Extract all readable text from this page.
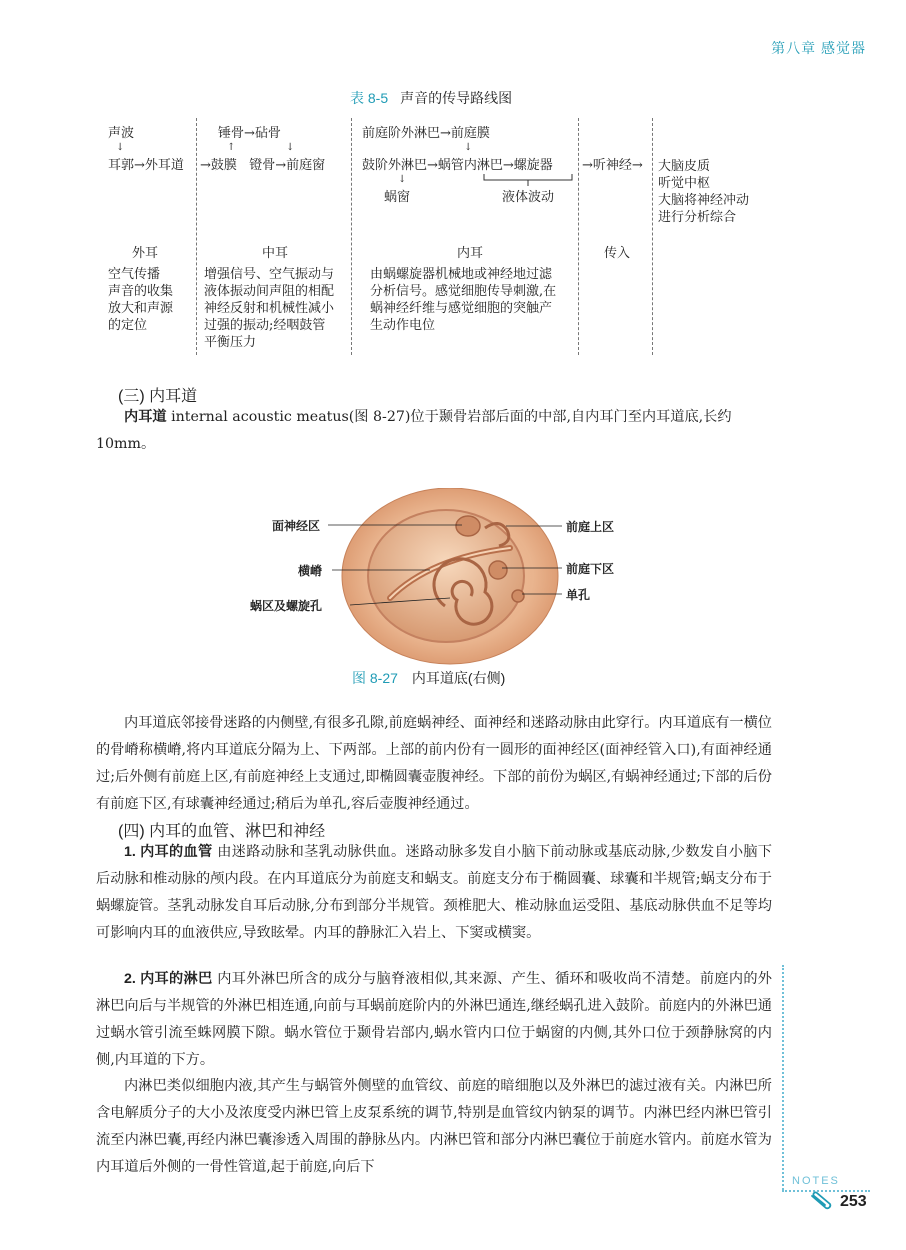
第八章 感觉器
表 8-5 声音的传导路线图
声波
↓
耳郭→外耳道
外耳
空气传播
声音的收集
放大和声源
的定位
锤骨→砧骨
↑	↓
→鼓膜   镫骨→前庭窗
中耳
增强信号、空气振动与
液体振动间声阻的相配
神经反射和机械性减小
过强的振动;经咽鼓管
平衡压力
前庭阶外淋巴→前庭膜
↓
鼓阶外淋巴→蜗管内淋巴→螺旋器
↓
蜗窗	液体波动
内耳
由蜗螺旋器机械地或神经地过滤
分析信号。感觉细胞传导刺激,在
蜗神经纤维与感觉细胞的突触产
生动作电位
→听神经→
传入
大脑皮质
听觉中枢
大脑将神经冲动
进行分析综合
(三) 内耳道
内耳道 internal acoustic meatus(图 8-27)位于颞骨岩部后面的中部,自内耳门至内耳道底,长约
10mm。
面神经区
横嵴
蜗区及螺旋孔
前庭上区
前庭下区
单孔
图 8-27 内耳道底(右侧)
内耳道底邻接骨迷路的内侧壁,有很多孔隙,前庭蜗神经、面神经和迷路动脉由此穿行。内耳道底有一横位的骨嵴称横嵴,将内耳道底分隔为上、下两部。上部的前内份有一圆形的面神经区(面神经管入口),有面神经通过;后外侧有前庭上区,有前庭神经上支通过,即椭圆囊壶腹神经。下部的前份为蜗区,有蜗神经通过;下部的后份有前庭下区,有球囊神经通过;稍后为单孔,容后壶腹神经通过。
(四) 内耳的血管、淋巴和神经
1. 内耳的血管 由迷路动脉和茎乳动脉供血。迷路动脉多发自小脑下前动脉或基底动脉,少数发自小脑下后动脉和椎动脉的颅内段。在内耳道底分为前庭支和蜗支。前庭支分布于椭圆囊、球囊和半规管;蜗支分布于蜗螺旋管。茎乳动脉发自耳后动脉,分布到部分半规管。颈椎肥大、椎动脉血运受阻、基底动脉供血不足等均可影响内耳的血液供应,导致眩晕。内耳的静脉汇入岩上、下窦或横窦。
2. 内耳的淋巴 内耳外淋巴所含的成分与脑脊液相似,其来源、产生、循环和吸收尚不清楚。前庭内的外淋巴向后与半规管的外淋巴相连通,向前与耳蜗前庭阶内的外淋巴通连,继经蜗孔进入鼓阶。前庭内的外淋巴通过蜗水管引流至蛛网膜下隙。蜗水管位于颞骨岩部内,蜗水管内口位于蜗窗的内侧,其外口位于颈静脉窝的内侧,内耳道的下方。
内淋巴类似细胞内液,其产生与蜗管外侧壁的血管纹、前庭的暗细胞以及外淋巴的滤过液有关。内淋巴所含电解质分子的大小及浓度受内淋巴管上皮泵系统的调节,特别是血管纹内钠泵的调节。内淋巴经内淋巴管引流至内淋巴囊,再经内淋巴囊渗透入周围的静脉丛内。内淋巴管和部分内淋巴囊位于前庭水管内。前庭水管为内耳道后外侧的一骨性管道,起于前庭,向后下
NOTES
253
